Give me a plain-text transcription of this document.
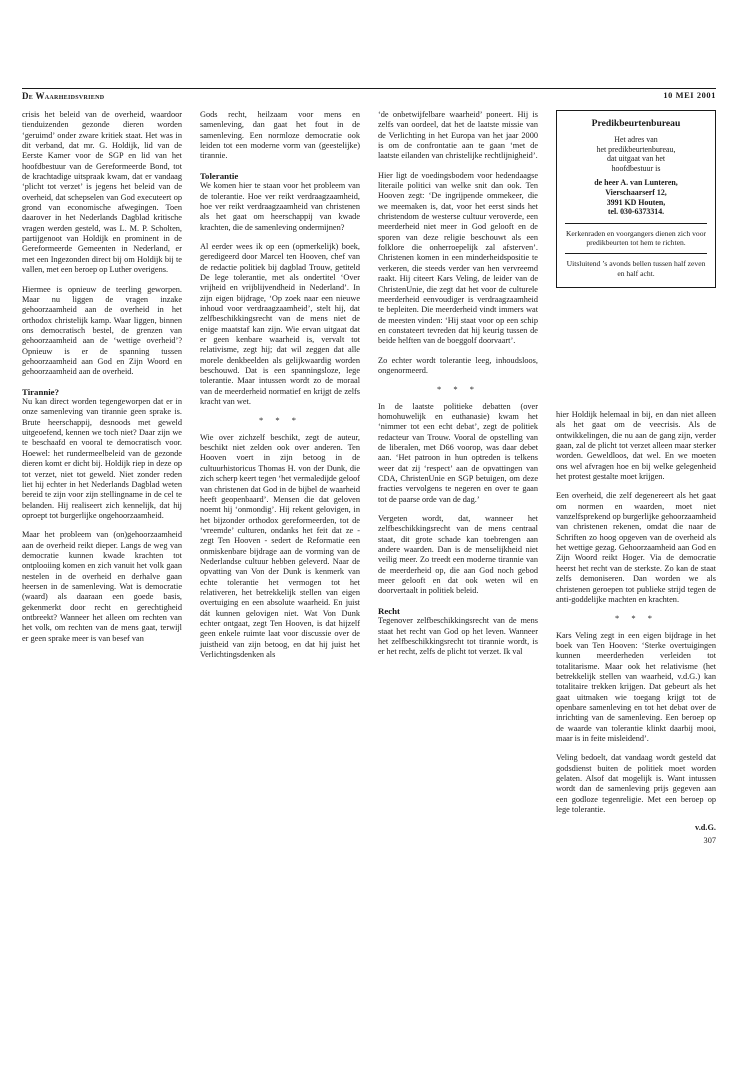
De Waarheidsvriend	10 MEI 2001

crisis het beleid van de overheid, waardoor tienduizenden gezonde dieren worden ‘geruimd’ onder zware kritiek staat. Het was in dit verband, dat mr. G. Holdijk, lid van de Eerste Kamer voor de SGP en lid van het hoofdbestuur van de Gereformeerde Bond, tot de krachtadige uitspraak kwam, dat er vandaag ‘plicht tot verzet’ is jegens het beleid van de overheid, dat schepselen van God executeert op grond van economische afwegingen. Toen daarover in het Nederlands Dagblad kritische vragen werden gesteld, was L. M. P. Scholten, partijgenoot van Holdijk en prominent in de Gereformeerde Gemeenten in Nederland, er met een Ingezonden direct bij om Holdijk bij te vallen, met een beroep op Luther overigens.

Hiermee is opnieuw de teerling geworpen. Maar nu liggen de vragen inzake gehoorzaamheid aan de overheid in het orthodox christelijk kamp. Waar liggen, binnen ons democratisch bestel, de grenzen van gehoorzaamheid aan de ‘wettige overheid’? Opnieuw is er de spanning tussen gehoorzaamheid aan God en Zijn Woord en gehoorzaamheid aan de overheid.

Tirannie?

Nu kan direct worden tegengeworpen dat er in onze samenleving van tirannie geen sprake is. Brute heerschappij, desnoods met geweld uitgeoefend, kennen we toch niet? Daar zijn we te beschaafd en vooral te democratisch voor. Hoewel: het rundermeelbeleid van de gezonde dieren komt er dicht bij. Holdijk riep in deze op tot verzet, niet tot geweld. Niet zonder reden liet hij echter in het Nederlands Dagblad weten bereid te zijn voor zijn stellingname in de cel te belanden. Hij realiseert zich kennelijk, dat hij oproept tot burgerlijke ongehoorzaamheid.

Maar het probleem van (on)gehoorzaamheid aan de overheid reikt dieper. Langs de weg van democratie kunnen kwade krachten tot ontplooiing komen en zich vanuit het volk gaan nestelen in de overheid en derhalve gaan heersen in de samenleving. Wat is democratie (waard) als daaraan een goede basis, gekenmerkt door recht en gerechtigheid ontbreekt? Wanneer het alleen om rechten van het volk, om rechten van de mens gaat, terwijl er geen sprake meer is van besef van

Gods recht, heilzaam voor mens en samenleving, dan gaat het fout in de samenleving. Een normloze democratie ook leiden tot een moderne vorm van (geestelijke) tirannie.

Tolerantie

We komen hier te staan voor het probleem van de tolerantie. Hoe ver reikt verdraagzaamheid, hoe ver reikt verdraagzaamheid van christenen als het gaat om heerschappij van kwade krachten, die de samenleving ondermijnen?

Al eerder wees ik op een (opmerkelijk) boek, geredigeerd door Marcel ten Hooven, chef van de redactie politiek bij dagblad Trouw, getiteld De lege tolerantie, met als ondertitel ‘Over vrijheid en vrijblijvendheid in Nederland’. In zijn eigen bijdrage, ‘Op zoek naar een nieuwe inhoud voor verdraagzaamheid’, stelt hij, dat zelfbeschikkingsrecht van de mens niet de enige maatstaf kan zijn. Wie ervan uitgaat dat er geen kenbare waarheid is, vervalt tot relativisme, zegt hij; dat wil zeggen dat alle morele denkbeelden als gelijkwaardig worden beschouwd. Dat is een spanningsloze, lege tolerantie. Maar intussen wordt zo de moraal van de meerderheid normatief en krijgt de zelfs kracht van wet.

* * *

Wie over zichzelf beschikt, zegt de auteur, beschikt niet zelden ook over anderen. Ten Hooven voert in zijn betoog in de cultuurhistoricus Thomas H. von der Dunk, die zich scherp keert tegen ‘het vermaledijde geloof van christenen dat God in de bijbel de waarheid heeft geopenbaard’. Mensen die dat geloven noemt hij ‘onmondig’. Hij rekent gelovigen, in het bijzonder orthodox gereformeerden, tot de ‘vreemde’ culturen, ondanks het feit dat ze - zegt Ten Hooven - sedert de Reformatie een onmiskenbare bijdrage aan de vorming van de Nederlandse cultuur hebben geleverd. Naar de opvatting van Von der Dunk is kenmerk van echte tolerantie het vermogen tot het relativeren, het betrekkelijk stellen van eigen overtuiging en een absolute waarheid. En juist dát kunnen gelovigen niet. Wat Von Dunk echter ontgaat, zegt Ten Hooven, is dat hijzelf geen enkele ruimte laat voor discussie over de juistheid van zijn betoog, en dat hij juist het Verlichtingsdenken als

‘de onbetwijfelbare waarheid’ poneert. Hij is zelfs van oordeel, dat het de laatste missie van de Verlichting in het Europa van het jaar 2000 is om de confrontatie aan te gaan ‘met de laatste eilanden van christelijke rechtlijnigheid’.

Hier ligt de voedingsbodem voor hedendaagse literaile politici van welke snit dan ook. Ten Hooven zegt: ‘De ingrijpende ommekeer, die we meemaken is, dat, voor het eerst sinds het christendom de westerse cultuur veroverde, een meerderheid niet meer in God gelooft en de sporen van deze religie beschouwt als een folklore die onherroepelijk zal afsterven’. Christenen komen in een minderheidspositie te verkeren, die steeds verder van hen vervreemd raakt. Hij citeert Kars Veling, de leider van de ChristenUnie, die zegt dat het voor de culturele meerderheid eenvoudiger is verdraagzaamheid te bepleiten. Die meerderheid vindt immers wat de meesten vinden: ‘Hij staat voor op een schip en constateert tevreden dat hij keurig tussen de beide helften van de boeggolf doorvaart’.

Zo echter wordt tolerantie leeg, inhoudsloos, ongenormeerd.

* * *

In de laatste politieke debatten (over homohuwelijk en euthanasie) kwam het ‘nimmer tot een echt debat’, zegt de politiek redacteur van Trouw. Vooral de opstelling van de liberalen, met D66 voorop, was daar debet aan. ‘Het patroon in hun optreden is telkens weer dat zij ‘respect’ aan de opvattingen van CDA, ChristenUnie en SGP betuigen, om deze fracties vervolgens te negeren en over te gaan tot de paarse orde van de dag.’

Vergeten wordt, dat, wanneer het zelfbeschikkingsrecht van de mens centraal staat, dit grote schade kan toebrengen aan andere waarden. Dan is de menselijkheid niet veilig meer. Zo treedt een moderne tirannie van de meerderheid op, die aan God noch gebod meer gelooft en dat ook weten wil en doorvertaalt in politiek beleid.

Recht

Tegenover zelfbeschikkingsrecht van de mens staat het recht van God op het leven. Wanneer het zelfbeschikkingsrecht tot tirannie wordt, is er het recht, zelfs de plicht tot verzet. Ik val

hier Holdijk helemaal in bij, en dan niet alleen als het gaat om de veecrisis. Als de ontwikkelingen, die nu aan de gang zijn, verder gaan, zal de plicht tot verzet alleen maar sterker worden. Geweldloos, dat wel. En we moeten ons wel afvragen hoe en bij welke gelegenheid het protest gestalte moet krijgen.

Een overheid, die zelf degenereert als het gaat om normen en waarden, moet niet vanzelfsprekend op burgerlijke gehoorzaamheid van christenen rekenen, omdat die naar de Schriften zo hoog opgeven van de overheid als het wettige gezag. Gehoorzaamheid aan God en Zijn Woord reikt Hoger. Via de democratie heerst het recht van de sterkste. Zo kan de staat zelfs demoniseren. Dan worden we als christenen geroepen tot publieke strijd tegen de anti-goddelijke machten en krachten.

* * *

Kars Veling zegt in een eigen bijdrage in het boek van Ten Hooven: ‘Sterke overtuigingen kunnen meerderheden verleiden tot totalitarisme. Maar ook het relativisme (het betrekkelijk stellen van waarheid, v.d.G.) kan totalitaire trekken krijgen. Dat gebeurt als het gaat uitmaken wie toegang krijgt tot de openbare samenleving en tot het debat over de inrichting van de samenleving. Een beroep op de waarde van tolerantie klinkt daarbij mooi, maar is in feite misleidend’.

Veling bedoelt, dat vandaag wordt gesteld dat godsdienst buiten de politiek moet worden gelaten. Alsof dat mogelijk is. Want intussen wordt dan de samenleving prijs gegeven aan een godloze tegenreligie. Met een beroep op lege tolerantie.

v.d.G.
307
Predikbeurtenbureau
Het adres van
het predikbeurtenbureau,
dat uitgaat van het
hoofdbestuur is
de heer A. van Lunteren,
Vierschaarserf 12,
3991 KD Houten,
tel. 030-6373314.
Kerkenraden en voorgangers dienen zich voor predikbeurten tot hem te richten.
Uitsluitend ’s avonds bellen tussen half zeven en half acht.
